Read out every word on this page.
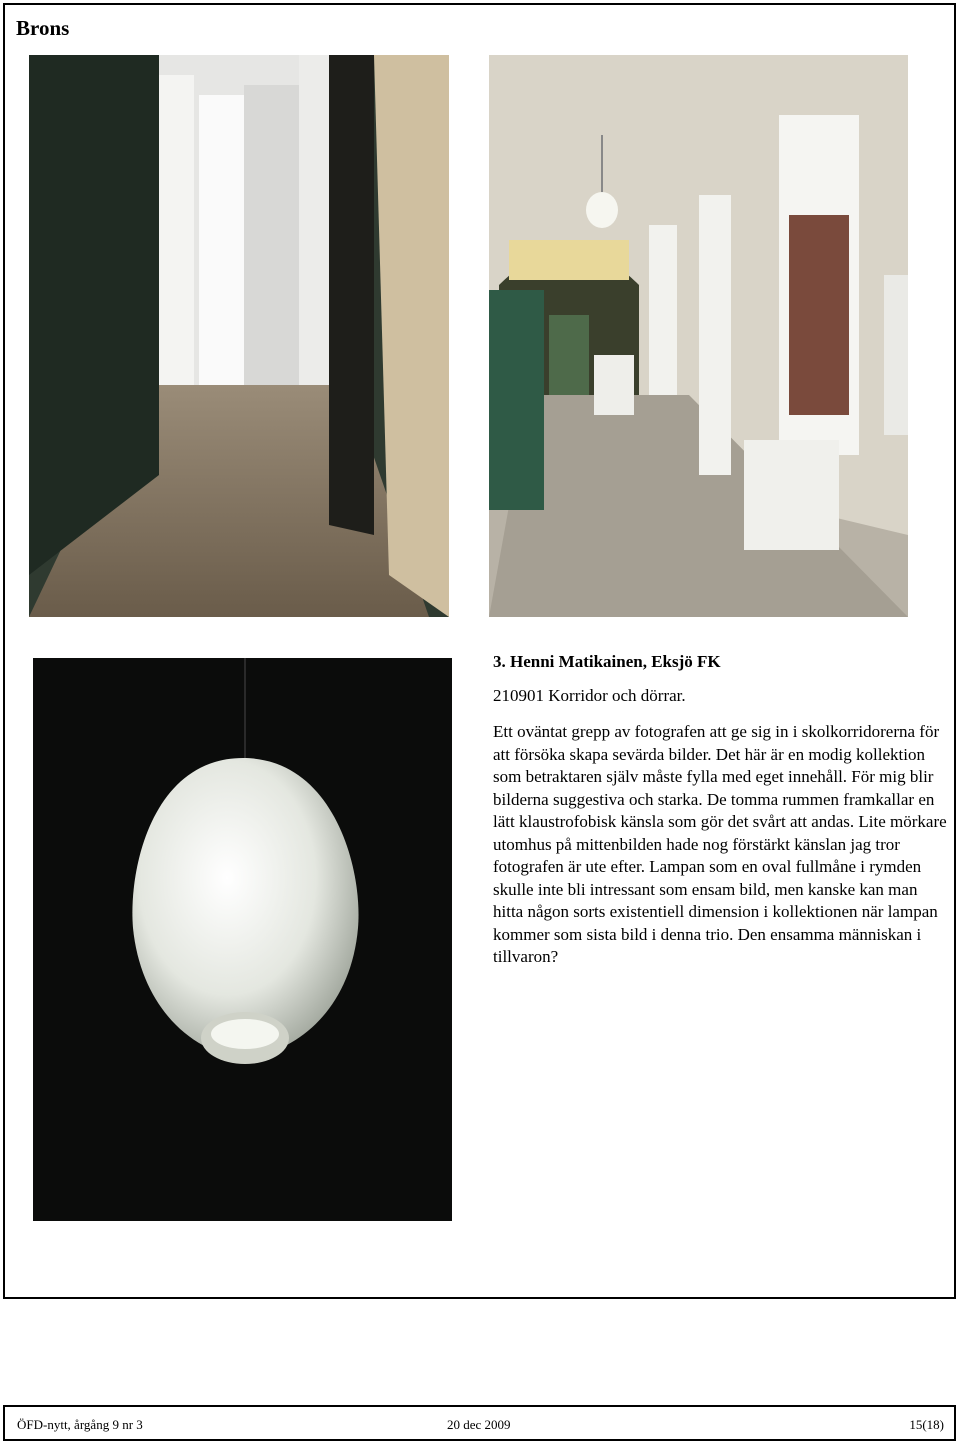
Brons

3. Henni Matikainen, Eksjö FK

210901 Korridor och dörrar.

Ett oväntat grepp av fotografen att ge sig in i skolkorridorerna för att försöka skapa sevärda bilder. Det här är en modig kollektion som betraktaren själv måste fylla med eget innehåll. För mig blir bilderna suggestiva och starka. De tomma rummen framkallar en lätt klaustrofobisk känsla som gör det svårt att andas. Lite mörkare utomhus på mittenbilden hade nog förstärkt känslan jag tror fotografen är ute efter. Lampan som en oval fullmåne i rymden skulle inte bli intressant som ensam bild, men kanske kan man hitta någon sorts existentiell dimension i kollektionen när lampan kommer som sista bild i denna trio. Den ensamma människan i tillvaron?

ÖFD-nytt, årgång 9 nr 3	20 dec 2009	15(18)
